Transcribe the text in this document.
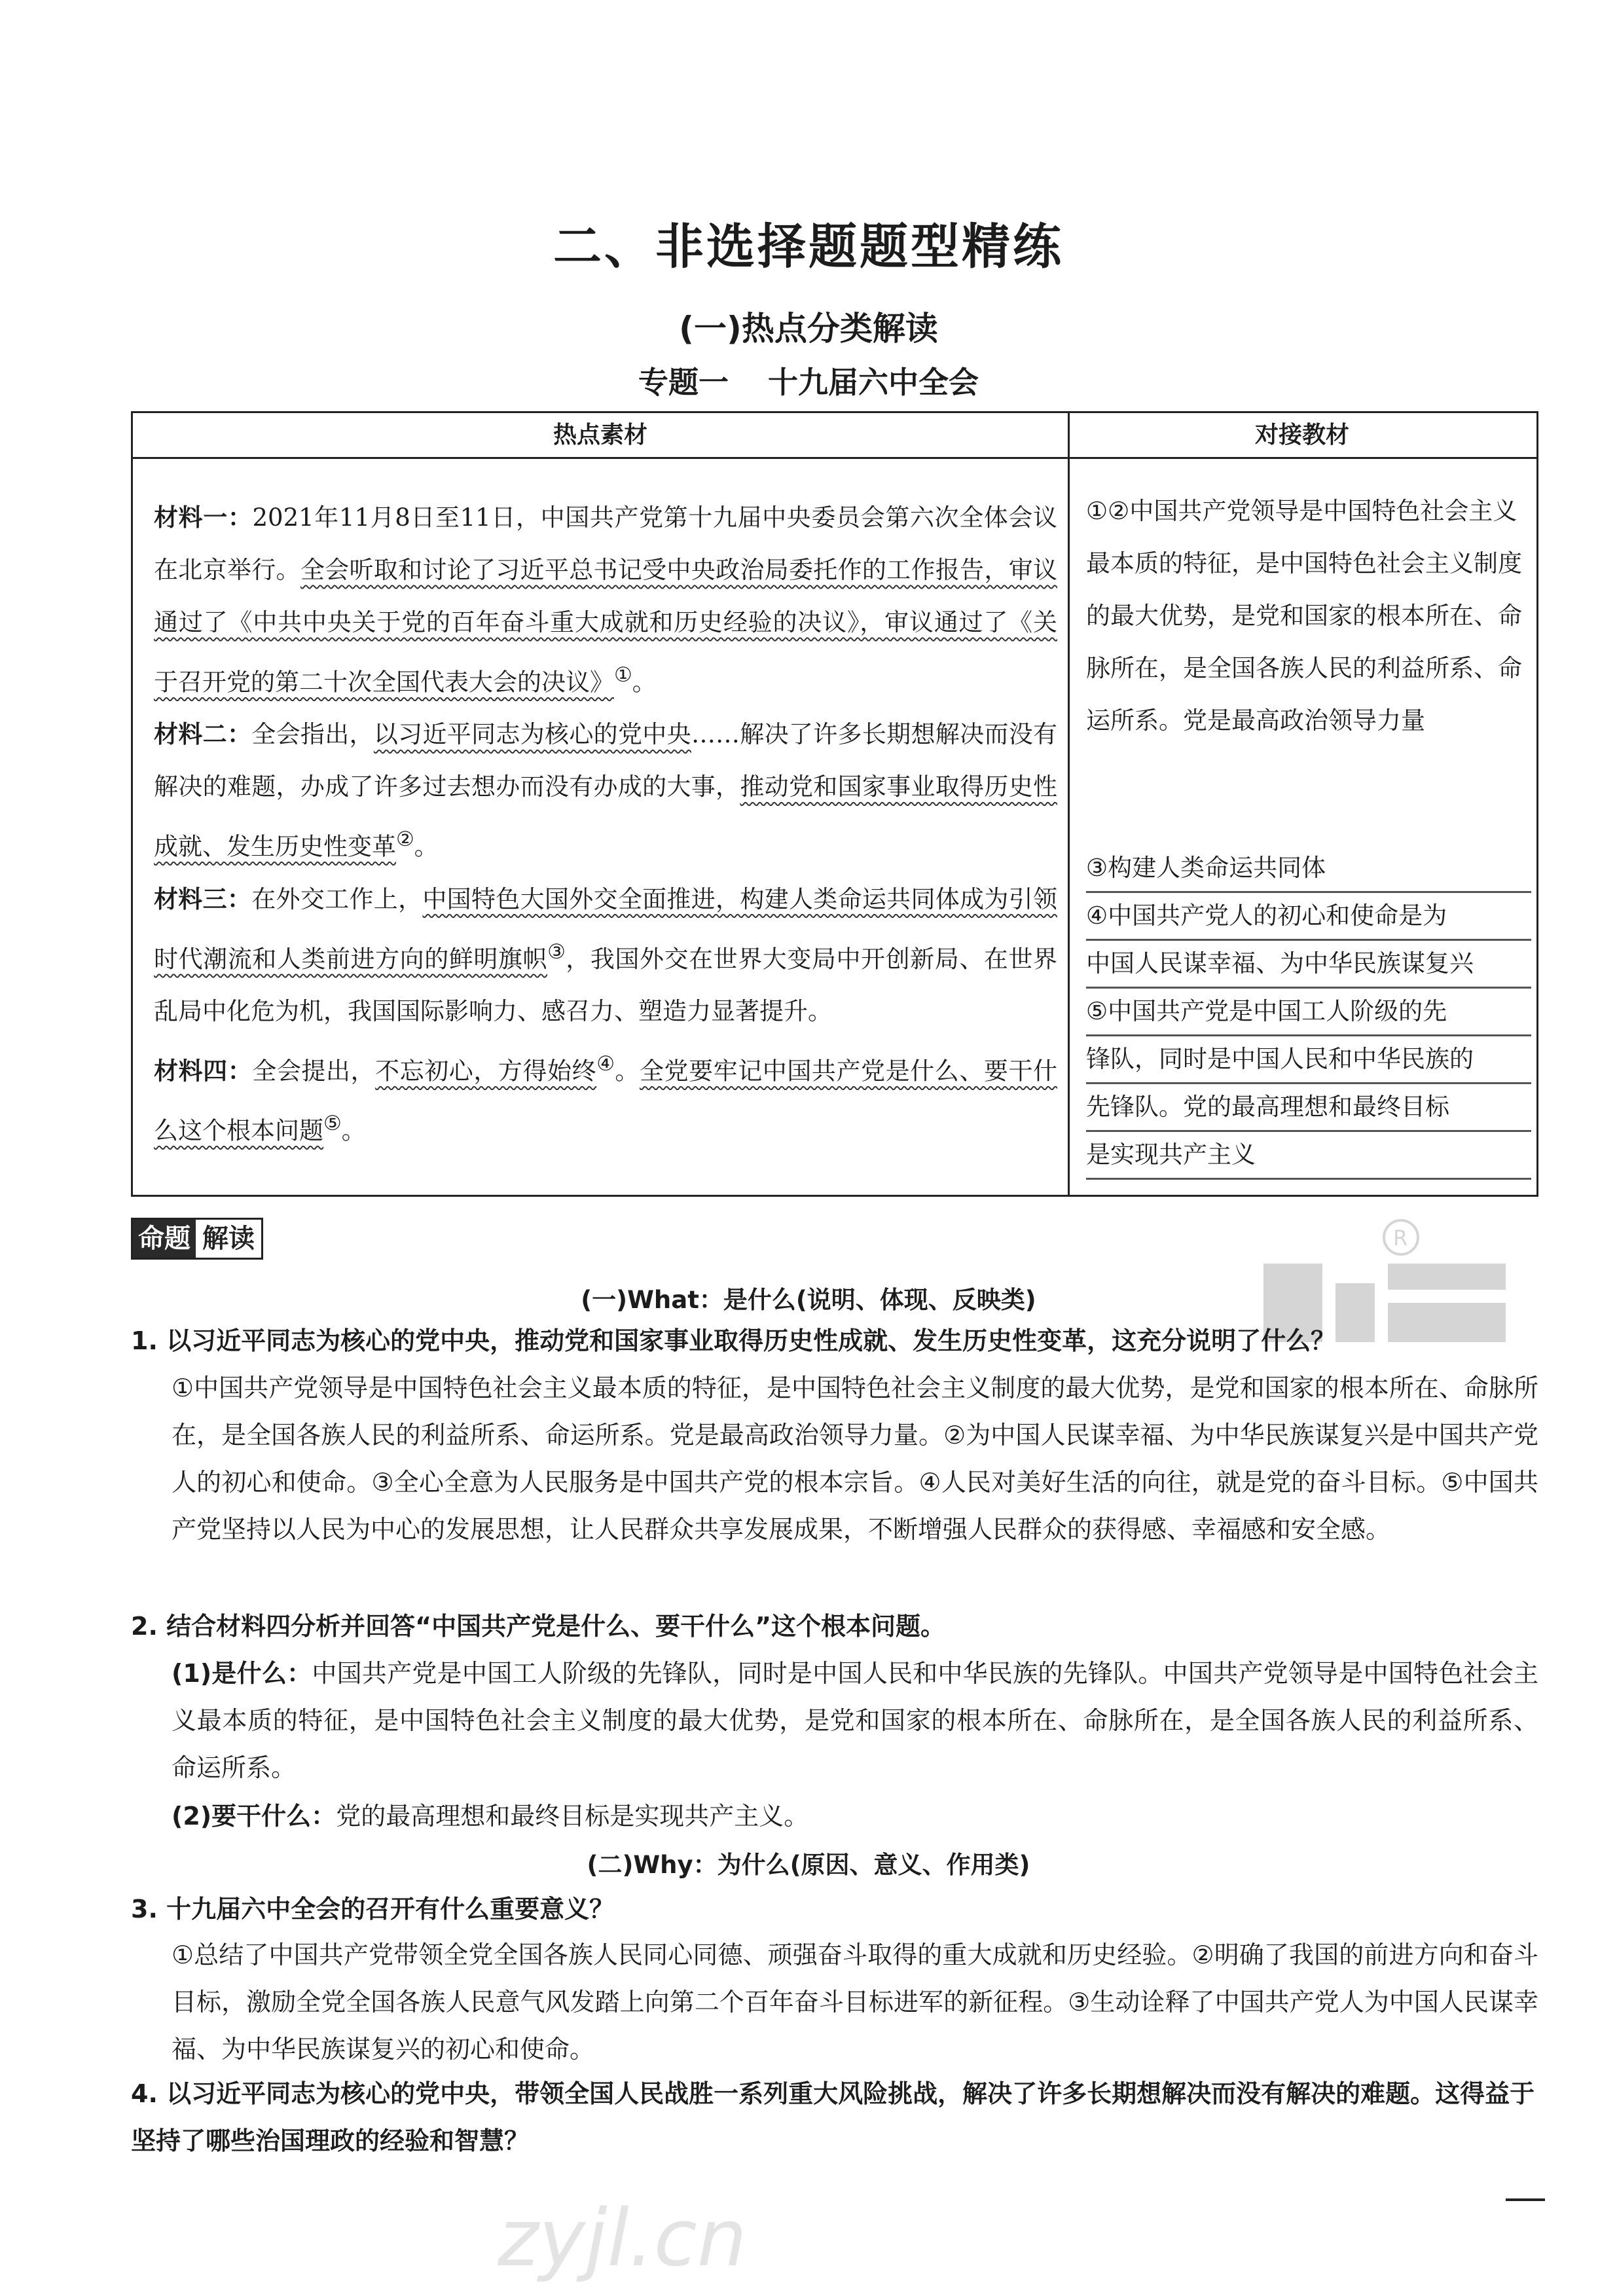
二、非选择题题型精练
(一)热点分类解读
专题一 十九届六中全会
热点素材	对接教材

材料一：2021年11月8日至11日，中国共产党第十九届中央委员会第六次全体会议在北京举行。全会听取和讨论了习近平总书记受中央政治局委托作的工作报告，审议通过了《中共中央关于党的百年奋斗重大成就和历史经验的决议》，审议通过了《关于召开党的第二十次全国代表大会的决议》①。

材料二：全会指出，以习近平同志为核心的党中央……解决了许多长期想解决而没有解决的难题，办成了许多过去想办而没有办成的大事，推动党和国家事业取得历史性成就、发生历史性变革②。

材料三：在外交工作上，中国特色大国外交全面推进，构建人类命运共同体成为引领时代潮流和人类前进方向的鲜明旗帜③，我国外交在世界大变局中开创新局、在世界乱局中化危为机，我国国际影响力、感召力、塑造力显著提升。

材料四：全会提出，不忘初心，方得始终④。全党要牢记中国共产党是什么、要干什么这个根本问题⑤。

①②中国共产党领导是中国特色社会主义最本质的特征，是中国特色社会主义制度的最大优势，是党和国家的根本所在、命脉所在，是全国各族人民的利益所系、命运所系。党是最高政治领导力量
③构建人类命运共同体
④中国共产党人的初心和使命是为
中国人民谋幸福、为中华民族谋复兴
⑤中国共产党是中国工人阶级的先
锋队，同时是中国人民和中华民族的
先锋队。党的最高理想和最终目标
是实现共产主义
命题 解读	R
(一)What：是什么(说明、体现、反映类)
1. 以习近平同志为核心的党中央，推动党和国家事业取得历史性成就、发生历史性变革，这充分说明了什么？
①中国共产党领导是中国特色社会主义最本质的特征，是中国特色社会主义制度的最大优势，是党和国家的根本所在、命脉所在，是全国各族人民的利益所系、命运所系。党是最高政治领导力量。②为中国人民谋幸福、为中华民族谋复兴是中国共产党人的初心和使命。③全心全意为人民服务是中国共产党的根本宗旨。④人民对美好生活的向往，就是党的奋斗目标。⑤中国共产党坚持以人民为中心的发展思想，让人民群众共享发展成果，不断增强人民群众的获得感、幸福感和安全感。
2. 结合材料四分析并回答“中国共产党是什么、要干什么”这个根本问题。
(1)是什么：中国共产党是中国工人阶级的先锋队，同时是中国人民和中华民族的先锋队。中国共产党领导是中国特色社会主义最本质的特征，是中国特色社会主义制度的最大优势，是党和国家的根本所在、命脉所在，是全国各族人民的利益所系、命运所系。
(2)要干什么：党的最高理想和最终目标是实现共产主义。
(二)Why：为什么(原因、意义、作用类)
3. 十九届六中全会的召开有什么重要意义？
①总结了中国共产党带领全党全国各族人民同心同德、顽强奋斗取得的重大成就和历史经验。②明确了我国的前进方向和奋斗目标，激励全党全国各族人民意气风发踏上向第二个百年奋斗目标进军的新征程。③生动诠释了中国共产党人为中国人民谋幸福、为中华民族谋复兴的初心和使命。
4. 以习近平同志为核心的党中央，带领全国人民战胜一系列重大风险挑战，解决了许多长期想解决而没有解决的难题。这得益于坚持了哪些治国理政的经验和智慧？
zyjl.cn
